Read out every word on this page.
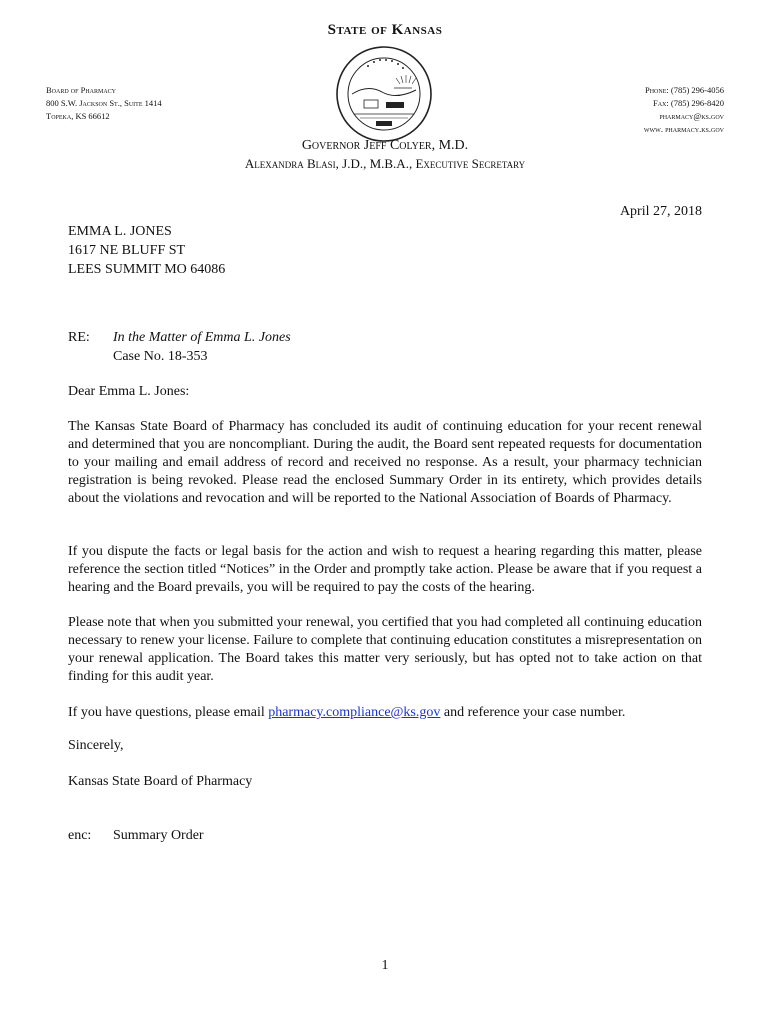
State of Kansas
Board of Pharmacy
800 S.W. Jackson St., Suite 1414
Topeka, KS 66612
Phone: (785) 296-4056
Fax: (785) 296-8420
pharmacy@ks.gov
www. pharmacy.ks.gov
Governor Jeff Colyer, M.D.
Alexandra Blasi, J.D., M.B.A., Executive Secretary
April 27, 2018
EMMA L. JONES
1617 NE BLUFF ST
LEES SUMMIT MO 64086
RE: In the Matter of Emma L. Jones
Case No. 18-353
Dear Emma L. Jones:

The Kansas State Board of Pharmacy has concluded its audit of continuing education for your recent renewal and determined that you are noncompliant. During the audit, the Board sent repeated requests for documentation to your mailing and email address of record and received no response. As a result, your pharmacy technician registration is being revoked. Please read the enclosed Summary Order in its entirety, which provides details about the violations and revocation and will be reported to the National Association of Boards of Pharmacy.

If you dispute the facts or legal basis for the action and wish to request a hearing regarding this matter, please reference the section titled “Notices” in the Order and promptly take action. Please be aware that if you request a hearing and the Board prevails, you will be required to pay the costs of the hearing.

Please note that when you submitted your renewal, you certified that you had completed all continuing education necessary to renew your license. Failure to complete that continuing education constitutes a misrepresentation on your renewal application. The Board takes this matter very seriously, but has opted not to take action on that finding for this audit year.

If you have questions, please email pharmacy.compliance@ks.gov and reference your case number.

Sincerely,
Kansas State Board of Pharmacy
enc: Summary Order
1
